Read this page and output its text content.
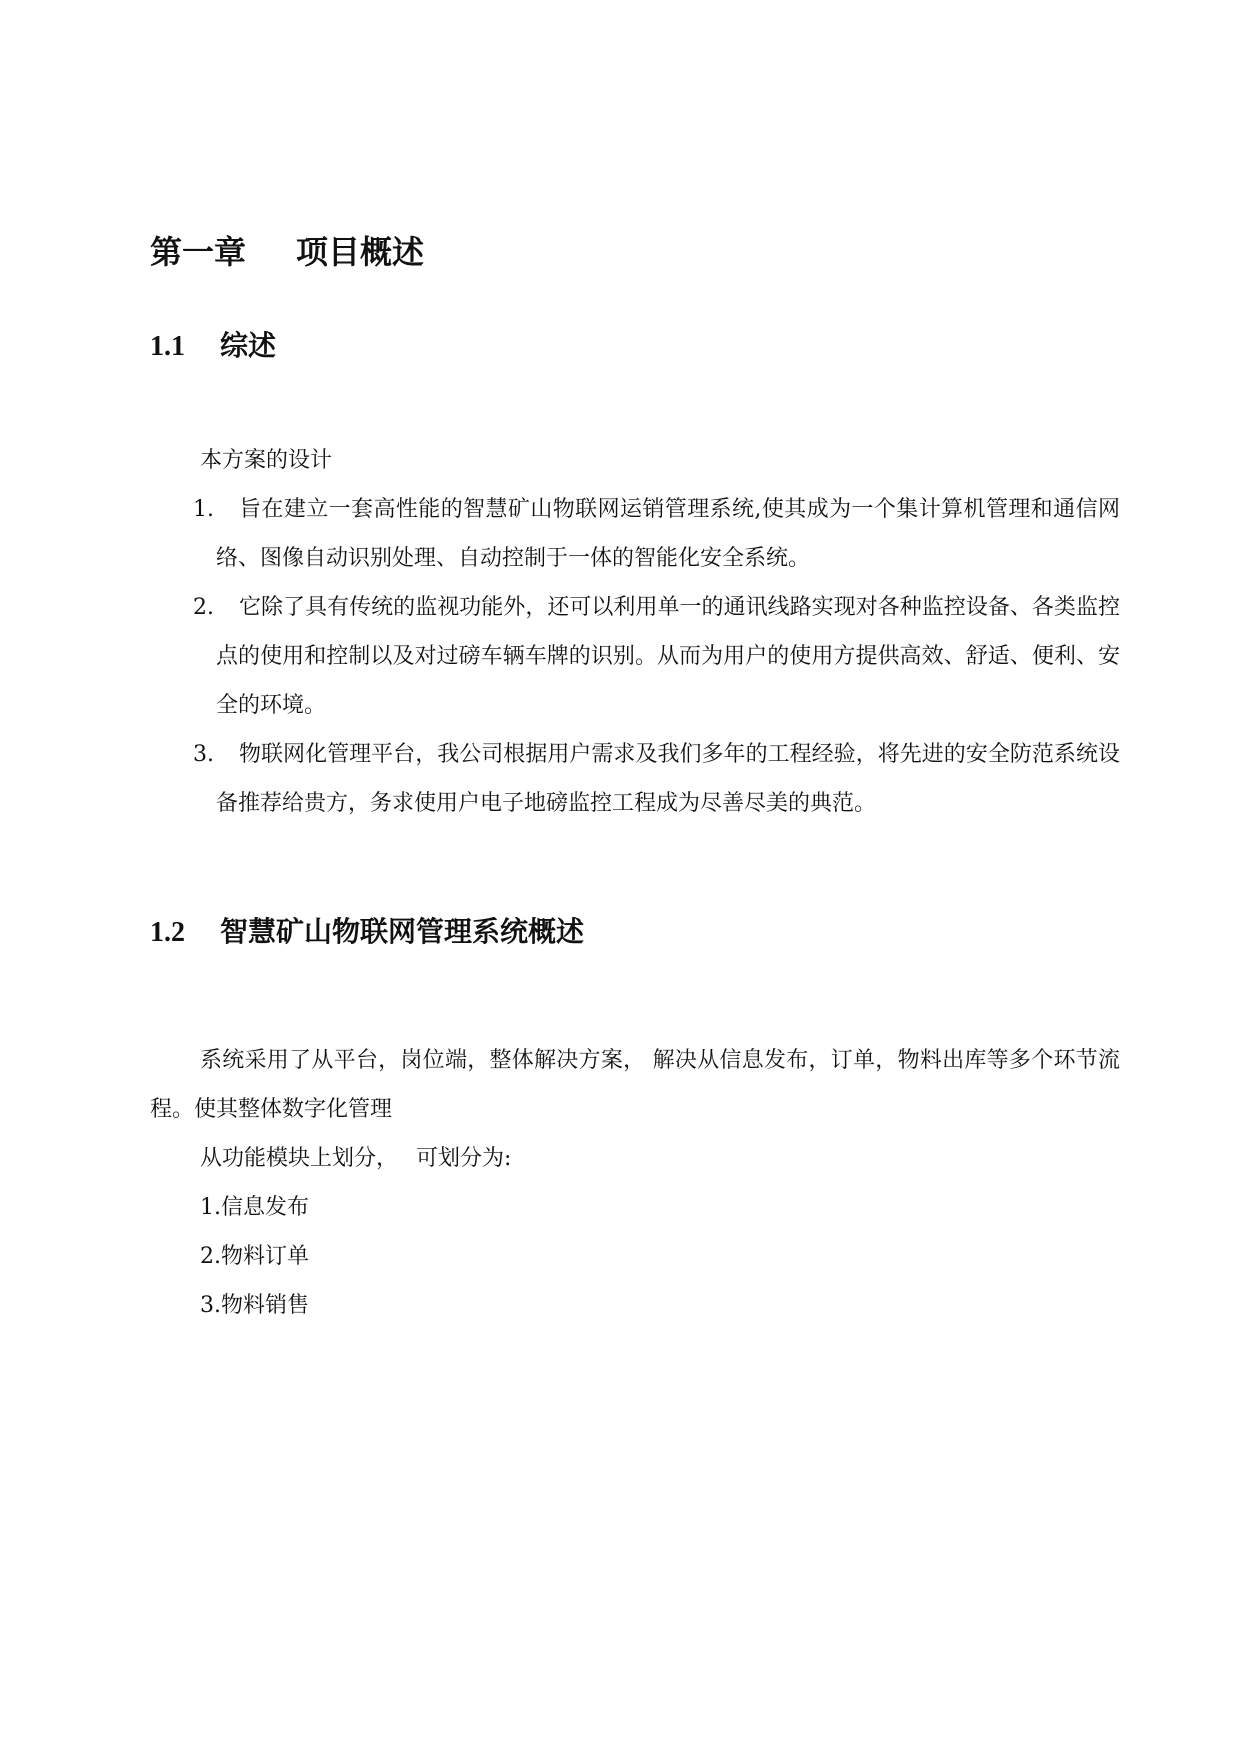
第一章 项目概述
1.1 综述

本方案的设计

1.	旨在建立一套高性能的智慧矿山物联网运销管理系统,使其成为一个集计算机管理和通信网络、图像自动识别处理、自动控制于一体的智能化安全系统。
2.	它除了具有传统的监视功能外，还可以利用单一的通讯线路实现对各种监控设备、各类监控点的使用和控制以及对过磅车辆车牌的识别。从而为用户的使用方提供高效、舒适、便利、安全的环境。
3.	物联网化管理平台，我公司根据用户需求及我们多年的工程经验，将先进的安全防范系统设备推荐给贵方，务求使用户电子地磅监控工程成为尽善尽美的典范。
1.2 智慧矿山物联网管理系统概述

系统采用了从平台，岗位端，整体解决方案， 解决从信息发布，订单，物料出库等多个环节流程。使其整体数字化管理

从功能模块上划分， 可划分为:

1.信息发布
2.物料订单
3.物料销售
